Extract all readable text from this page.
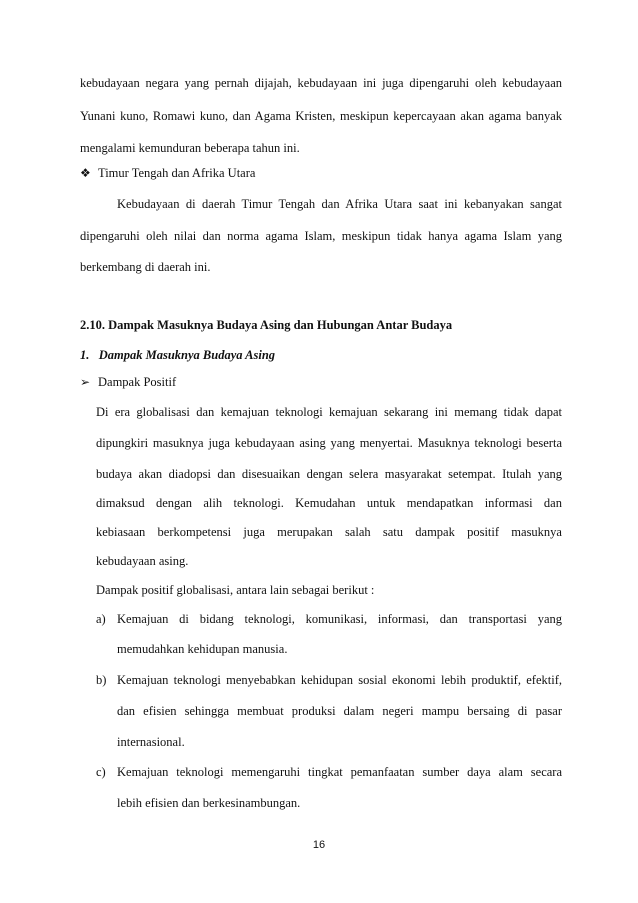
kebudayaan negara yang pernah dijajah, kebudayaan ini juga dipengaruhi oleh kebudayaan
Yunani kuno, Romawi kuno, dan Agama Kristen, meskipun kepercayaan akan agama banyak
mengalami kemunduran beberapa tahun ini.
❖ Timur Tengah dan Afrika Utara
Kebudayaan di daerah Timur Tengah dan Afrika Utara saat ini kebanyakan sangat
dipengaruhi oleh nilai dan norma agama Islam, meskipun tidak hanya agama Islam yang
berkembang di daerah ini.
2.10. Dampak Masuknya Budaya Asing dan Hubungan Antar Budaya
1.   Dampak Masuknya Budaya Asing
➢ Dampak Positif
Di era globalisasi dan kemajuan teknologi kemajuan sekarang ini memang tidak dapat
dipungkiri masuknya juga kebudayaan asing yang menyertai. Masuknya teknologi beserta
budaya akan diadopsi dan disesuaikan dengan selera masyarakat setempat. Itulah yang
dimaksud dengan alih teknologi. Kemudahan untuk mendapatkan informasi dan
kebiasaan berkompetensi juga merupakan salah satu dampak positif masuknya
kebudayaan asing.
Dampak positif globalisasi, antara lain sebagai berikut :
a) Kemajuan di bidang teknologi, komunikasi, informasi, dan transportasi yang
memudahkan kehidupan manusia.
b) Kemajuan teknologi menyebabkan kehidupan sosial ekonomi lebih produktif, efektif,
dan efisien sehingga membuat produksi dalam negeri mampu bersaing di pasar
internasional.
c) Kemajuan teknologi memengaruhi tingkat pemanfaatan sumber daya alam secara
lebih efisien dan berkesinambungan.
16
